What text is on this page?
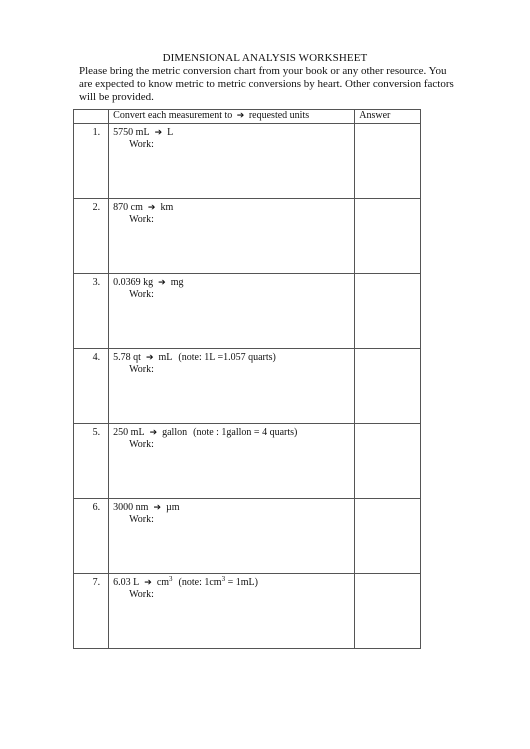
DIMENSIONAL ANALYSIS WORKSHEET
Please bring the metric conversion chart from your book or any other resource. You are expected to know metric to metric conversions by heart. Other conversion factors will be provided.
	Convert each measurement to ➔ requested units	Answer
1.	5750 mL ➔ L
Work:	

2.	870 cm ➔ km
Work:	

3.	0.0369 kg ➔ mg
Work:	

4.	5.78 qt ➔ mL (note: 1L =1.057 quarts)
Work:	

5.	250 mL ➔ gallon (note : 1gallon = 4 quarts)
Work:	

6.	3000 nm ➔ µm
Work:	

7.	6.03 L ➔ $cm^3$ (note: $1cm^3 = 1mL$)
Work:	
